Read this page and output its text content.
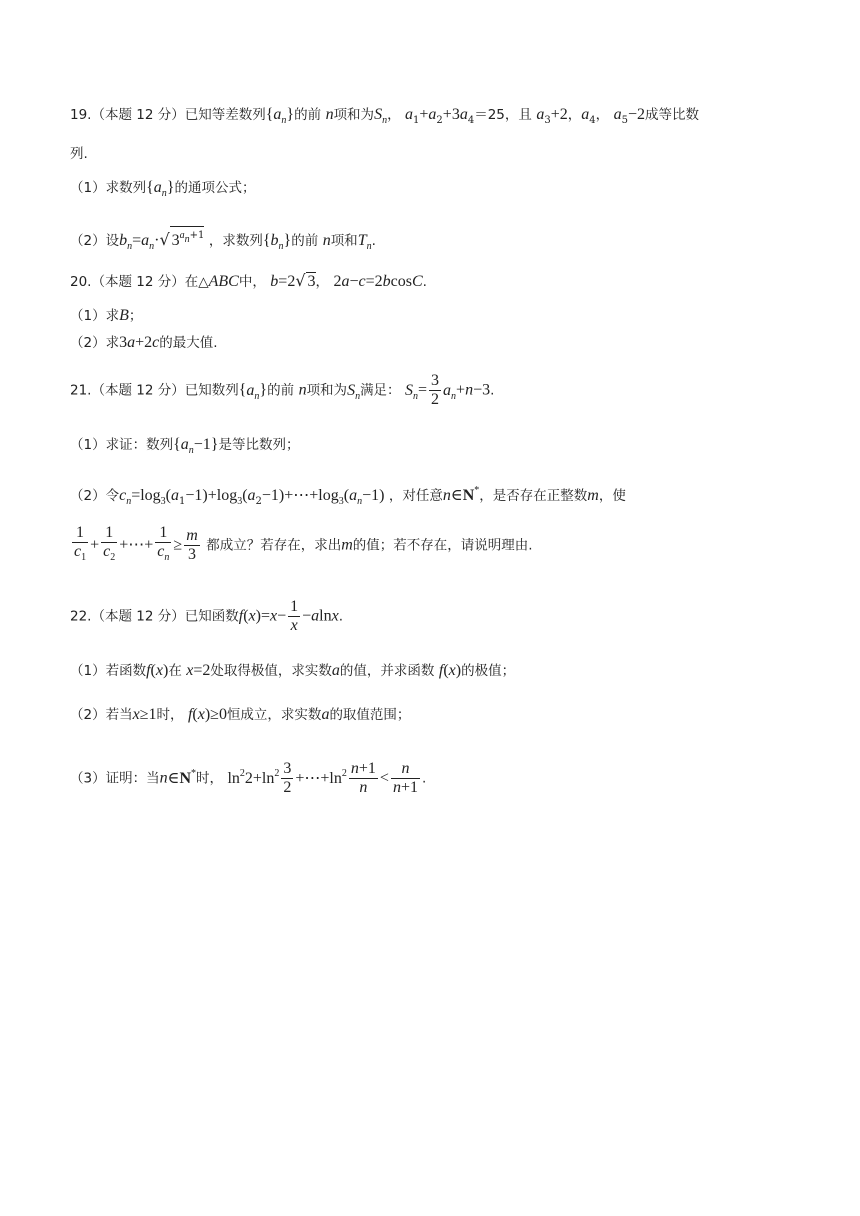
19.（本题 12 分）已知等差数列$\{a_n\}$的前 n项和为$S_n$， $a_1+a_2+3a_4=25$，且 $a_3+2$，$a_4$， $a_5-2$成等比数
列.
（1）求数列$\{a_n\}$的通项公式；
（2）设$b_n=a_n\cdot√$ $3^{a_n+1}$ ，求数列$\{b_n\}$的前 n项和$T_n$.
20.（本题 12 分）在△ABC中， b=2√ 3， 2a−c=2bcosC.
（1）求B；
（2）求3a+2c的最大值.
21.（本题 12 分）已知数列$\{a_n\}$的前 n项和为$S_n$满足： $S_n= \frac{3}{2} a_n+n-3$.
（1）求证：数列$\{a_n-1\}$是等比数列；
（2）令$c_n=\log_3(a_1-1)+\log_3(a_2-1)+\cdots+\log_3(a_n-1)$ ，对任意n∈N*，是否存在正整数m，使
$\frac{1}{c_1} + \frac{1}{c_2}$ +⋯+ $\frac{1}{c_n} \ge \frac{m}{3}$ 都成立？若存在，求出m的值；若不存在，请说明理由.
22.（本题 12 分）已知函数$f(x)=x- \frac{1}{x} -alnx$.
（1）若函数f(x)在 x=2处取得极值，求实数a的值，并求函数 f(x)的极值；
（2）若当x≥1时， f(x)≥0恒成立，求实数a的取值范围；
（3）证明：当n∈N*时， $\ln^22+\ln^2 \frac{3}{2}$ $+\cdots+\ln^2 \frac{n+1}{n} < \frac{n}{n+1}$ .
